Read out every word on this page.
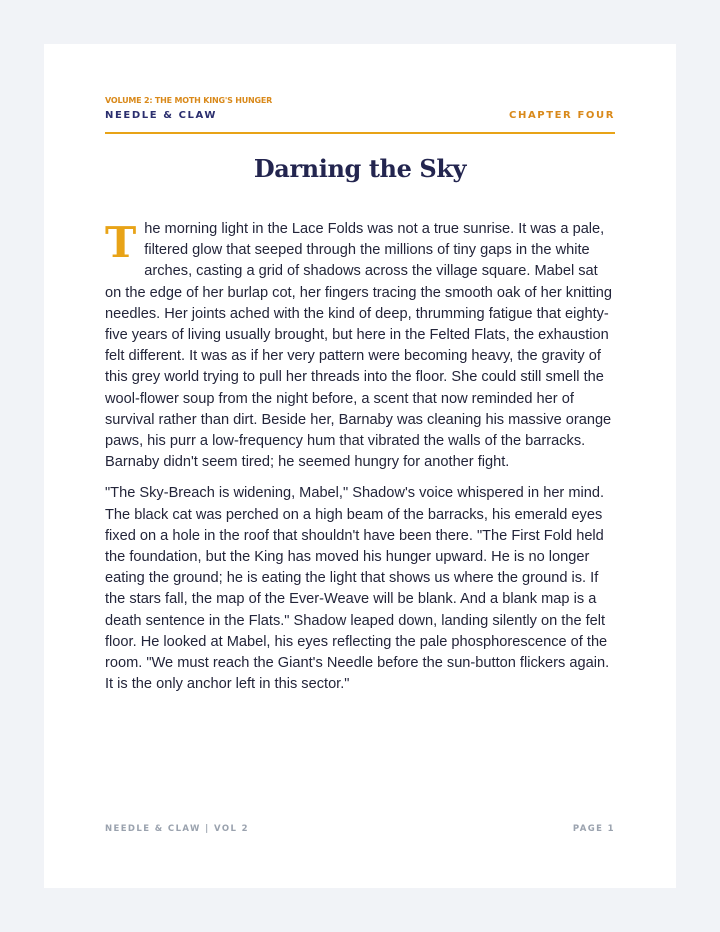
VOLUME 2: THE MOTH KING'S HUNGER
NEEDLE & CLAW	CHAPTER FOUR
Darning the Sky

The morning light in the Lace Folds was not a true sunrise. It was a pale, filtered glow that seeped through the millions of tiny gaps in the white arches, casting a grid of shadows across the village square. Mabel sat on the edge of her burlap cot, her fingers tracing the smooth oak of her knitting needles. Her joints ached with the kind of deep, thrumming fatigue that eighty-five years of living usually brought, but here in the Felted Flats, the exhaustion felt different. It was as if her very pattern were becoming heavy, the gravity of this grey world trying to pull her threads into the floor. She could still smell the wool-flower soup from the night before, a scent that now reminded her of survival rather than dirt. Beside her, Barnaby was cleaning his massive orange paws, his purr a low-frequency hum that vibrated the walls of the barracks. Barnaby didn't seem tired; he seemed hungry for another fight.

"The Sky-Breach is widening, Mabel," Shadow's voice whispered in her mind. The black cat was perched on a high beam of the barracks, his emerald eyes fixed on a hole in the roof that shouldn't have been there. "The First Fold held the foundation, but the King has moved his hunger upward. He is no longer eating the ground; he is eating the light that shows us where the ground is. If the stars fall, the map of the Ever-Weave will be blank. And a blank map is a death sentence in the Flats." Shadow leaped down, landing silently on the felt floor. He looked at Mabel, his eyes reflecting the pale phosphorescence of the room. "We must reach the Giant's Needle before the sun-button flickers again. It is the only anchor left in this sector."

NEEDLE & CLAW | VOL 2	PAGE 1
